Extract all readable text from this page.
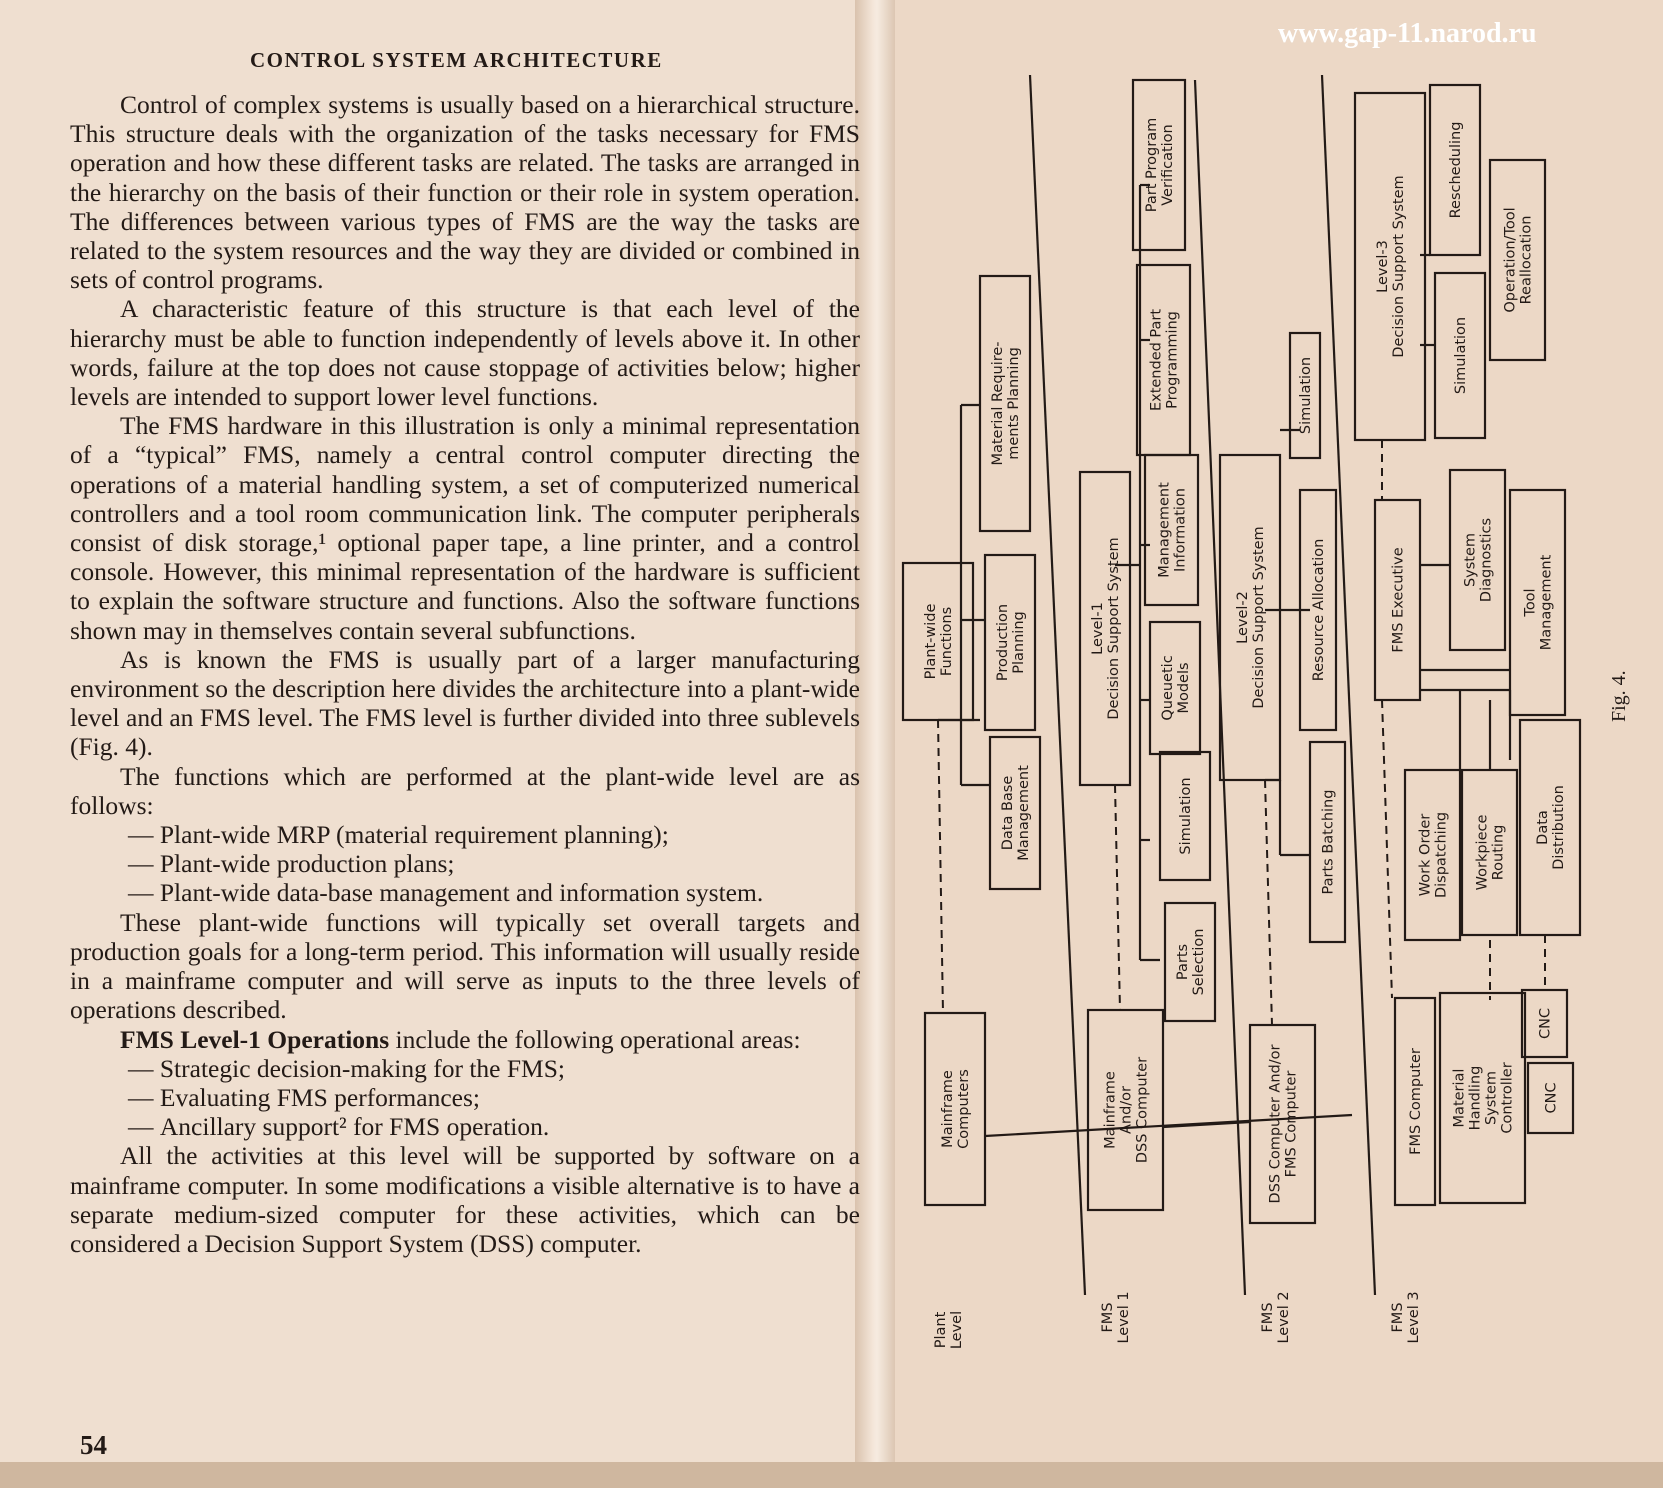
CONTROL SYSTEM ARCHITECTURE

Control of complex systems is usually based on a hierarchical structure. This structure deals with the organization of the tasks necessary for FMS operation and how these different tasks are related. The tasks are arranged in the hierarchy on the basis of their function or their role in system operation. The differences between various types of FMS are the way the tasks are related to the system resources and the way they are divided or combined in sets of control programs.

A characteristic feature of this structure is that each level of the hierarchy must be able to function independently of levels above it. In other words, failure at the top does not cause stoppage of activities below; higher levels are intended to support lower level functions.

The FMS hardware in this illustration is only a minimal representation of a “typical” FMS, namely a central control computer directing the operations of a material handling system, a set of computerized numerical controllers and a tool room communication link. The computer peripherals consist of disk storage,¹ optional paper tape, a line printer, and a control console. However, this minimal representation of the hardware is sufficient to explain the software structure and functions. Also the software functions shown may in themselves contain several subfunctions.

As is known the FMS is usually part of a larger manufacturing environment so the description here divides the architecture into a plant-wide level and an FMS level. The FMS level is further divided into three sublevels (Fig. 4).

The functions which are performed at the plant-wide level are as follows:

— Plant-wide MRP (material requirement planning);
— Plant-wide production plans;
— Plant-wide data-base management and information system.

These plant-wide functions will typically set overall targets and production goals for a long-term period. This information will usually reside in a mainframe computer and will serve as inputs to the three levels of operations described.

FMS Level-1 Operations include the following operational areas:

— Strategic decision-making for the FMS;
— Evaluating FMS performances;
— Ancillary support² for FMS operation.

All the activities at this level will be supported by software on a mainframe computer. In some modifications a visible alternative is to have a separate medium-sized computer for these activities, which can be considered a Decision Support System (DSS) computer.

54
www.gap-11.narod.ru
MainframeComputers	MainframeAnd/orDSS Computer	DSS Computer And/orFMS Computer	FMS Computer MaterialHandlingSystemController
CNC
CNC
Plant-wideFunctions
Material Require-ments Planning
ProductionPlanning
Data BaseManagement
Level-1Decision Support System
Part ProgramVerification
Extended PartProgramming
ManagementInformation
QueueticModels
Simulation
PartsSelection
Level-2Decision Support System
Simulation
Resource Allocation
Parts Batching
Level-3Decision Support System
FMS Executive
Rescheduling
Operation/ToolReallocation
Simulation
SystemDiagnostics
ToolManagement
Work OrderDispatching WorkpieceRouting DataDistribution
PlantLevel	FMSLevel 1	FMSLevel 2	FMSLevel 3
Fig. 4.
